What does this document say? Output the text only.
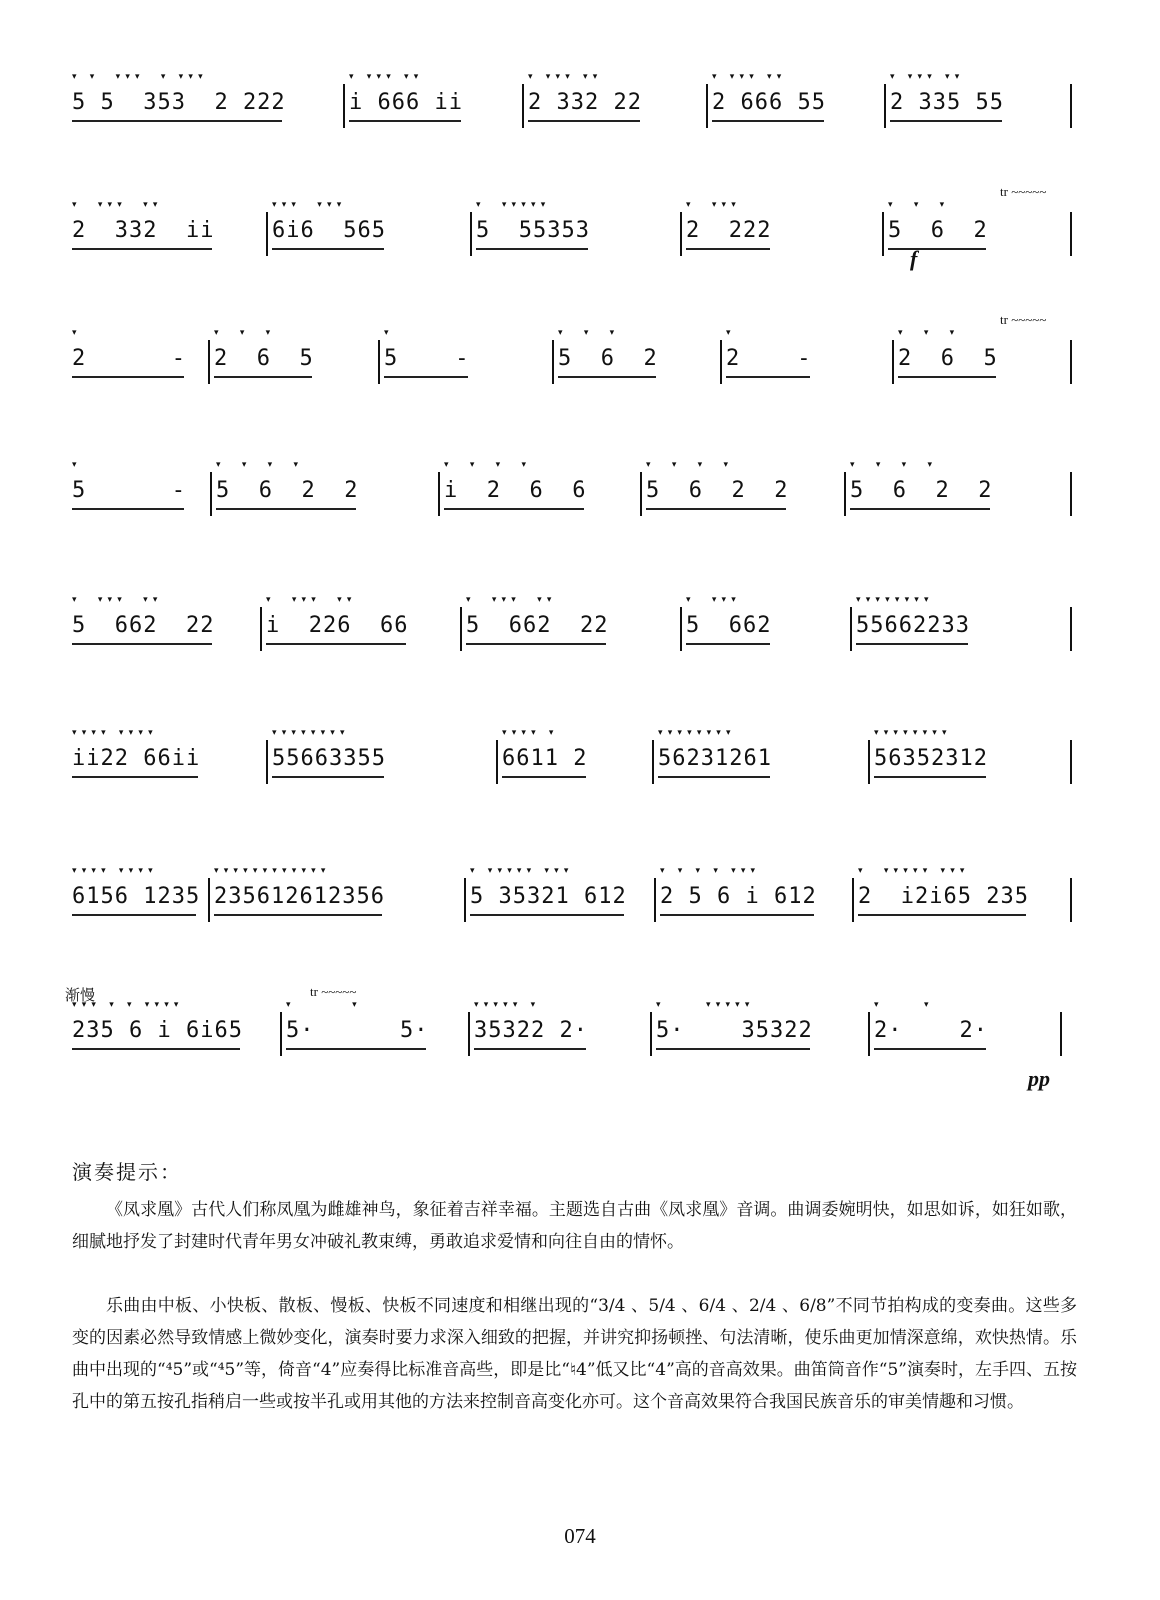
5 5  353  2 222
▾ ▾  ▾▾▾  ▾ ▾▾▾
i 666 ii
▾ ▾▾▾ ▾▾
2 332 22
▾ ▾▾▾ ▾▾
2 666 55
▾ ▾▾▾ ▾▾
2 335 55
▾ ▾▾▾ ▾▾
2  332  ii
▾  ▾▾▾  ▾▾
6i6  565
▾▾▾  ▾▾▾
5  55353
▾  ▾▾▾▾▾
2  222
▾  ▾▾▾
5  6  2
▾  ▾  ▾
f
tr ~~~~~
2      -
▾
2  6  5
▾  ▾  ▾
5    -
▾
5  6  2
▾  ▾  ▾
2    -
▾
2  6  5
▾  ▾  ▾
tr ~~~~~
5      -
▾
5  6  2  2
▾  ▾  ▾  ▾
i  2  6  6
▾  ▾  ▾  ▾
5  6  2  2
▾  ▾  ▾  ▾
5  6  2  2
▾  ▾  ▾  ▾
5  662  22
▾  ▾▾▾  ▾▾
i  226  66
▾  ▾▾▾  ▾▾
5  662  22
▾  ▾▾▾  ▾▾
5  662
▾  ▾▾▾
55662233
▾▾▾▾▾▾▾▾
ii22 66ii
▾▾▾▾ ▾▾▾▾
55663355
▾▾▾▾▾▾▾▾
6611 2
▾▾▾▾ ▾
56231261
▾▾▾▾▾▾▾▾
56352312
▾▾▾▾▾▾▾▾
6156 1235
▾▾▾▾ ▾▾▾▾
235612612356
▾▾▾▾▾▾▾▾▾▾▾▾
5 35321 612
▾ ▾▾▾▾▾ ▾▾▾
2 5 6 i 612
▾ ▾ ▾ ▾ ▾▾▾
2  i2i65 235
▾  ▾▾▾▾▾ ▾▾▾
渐慢
235 6 i 6i65
▾▾▾ ▾ ▾ ▾▾▾▾
5·      5·
▾       ▾
35322 2·
▾▾▾▾▾ ▾
5·    35322
▾     ▾▾▾▾▾
2·    2·
▾     ▾
pp
tr ~~~~~
演奏提示：

《凤求凰》古代人们称凤凰为雌雄神鸟，象征着吉祥幸福。主题选自古曲《凤求凰》音调。曲调委婉明快，如思如诉，如狂如歌，细腻地抒发了封建时代青年男女冲破礼教束缚，勇敢追求爱情和向往自由的情怀。

乐曲由中板、小快板、散板、慢板、快板不同速度和相继出现的“3/4 、5/4 、6/4 、2/4 、6/8”不同节拍构成的变奏曲。这些多变的因素必然导致情感上微妙变化，演奏时要力求深入细致的把握，并讲究抑扬顿挫、句法清晰，使乐曲更加情深意绵，欢快热情。乐曲中出现的“⁴5”或“⁴5”等，倚音“4”应奏得比标准音高些，即是比“♮4”低又比“4”高的音高效果。曲笛筒音作“5”演奏时，左手四、五按孔中的第五按孔指稍启一些或按半孔或用其他的方法来控制音高变化亦可。这个音高效果符合我国民族音乐的审美情趣和习惯。

074
